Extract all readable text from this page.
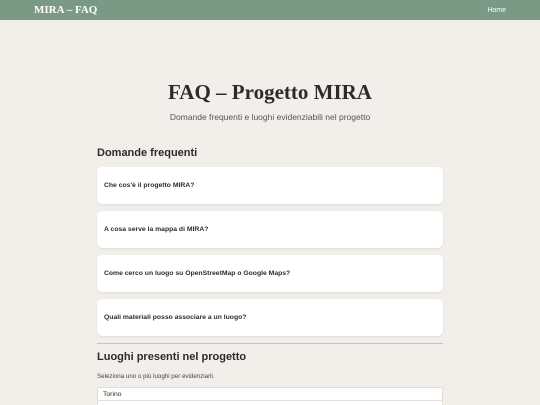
MIRA – FAQ	Home
FAQ – Progetto MIRA

Domande frequenti e luoghi evidenziabili nel progetto

Domande frequenti
Che cos'è il progetto MIRA?
A cosa serve la mappa di MIRA?
Come cerco un luogo su OpenStreetMap o Google Maps?
Quali materiali posso associare a un luogo?
Luoghi presenti nel progetto

Seleziona uno o più luoghi per evidenziarli.

Torino
